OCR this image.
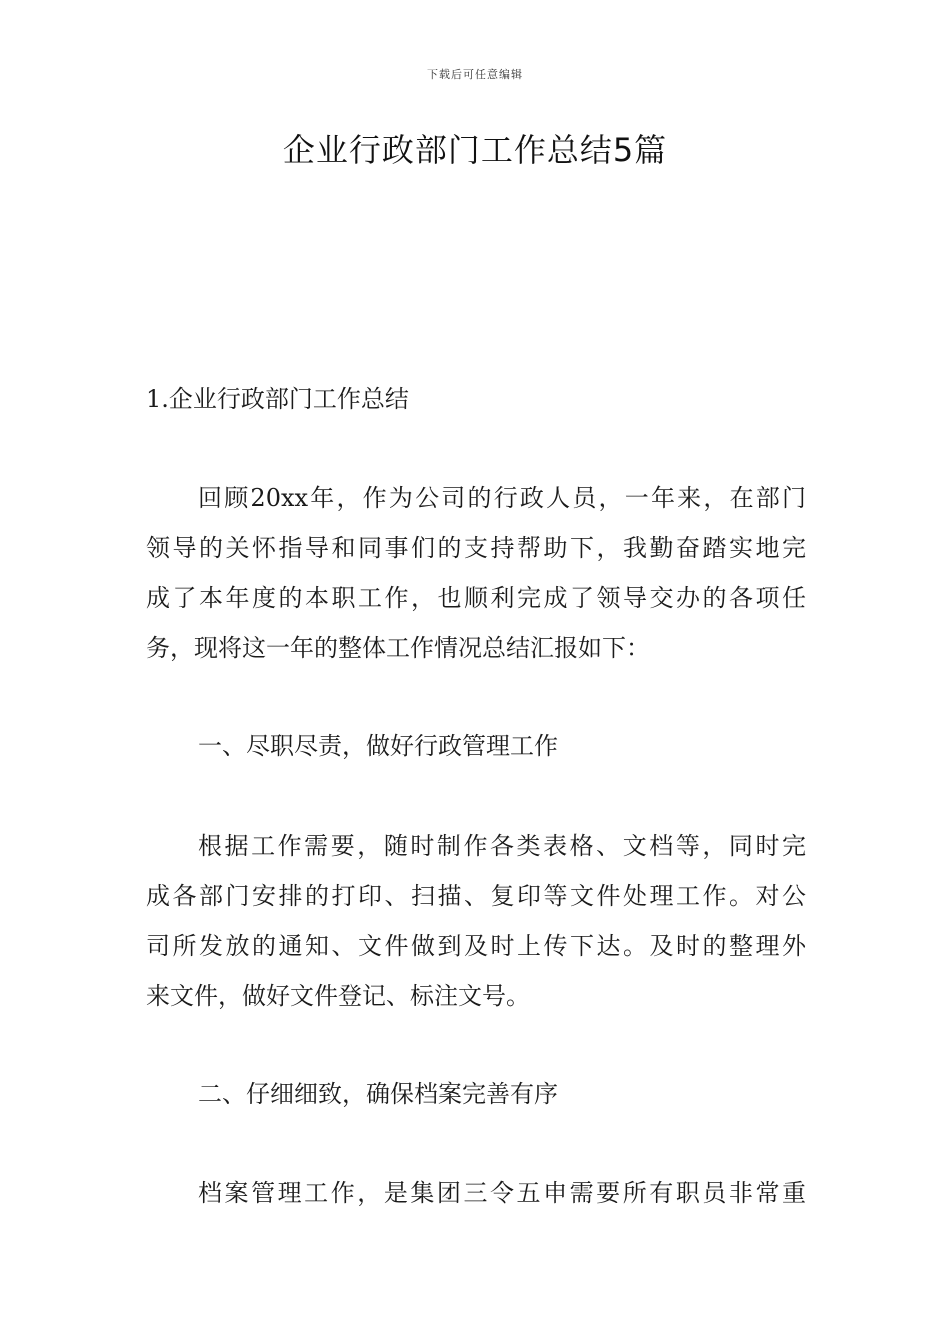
下载后可任意编辑
企业行政部门工作总结5篇
1.企业行政部门工作总结
回顾20xx年，作为公司的行政人员，一年来，在部门
领导的关怀指导和同事们的支持帮助下，我勤奋踏实地完
成了本年度的本职工作，也顺利完成了领导交办的各项任
务，现将这一年的整体工作情况总结汇报如下：
一、尽职尽责，做好行政管理工作
根据工作需要，随时制作各类表格、文档等，同时完
成各部门安排的打印、扫描、复印等文件处理工作。对公
司所发放的通知、文件做到及时上传下达。及时的整理外
来文件，做好文件登记、标注文号。
二、仔细细致，确保档案完善有序
档案管理工作，是集团三令五申需要所有职员非常重
